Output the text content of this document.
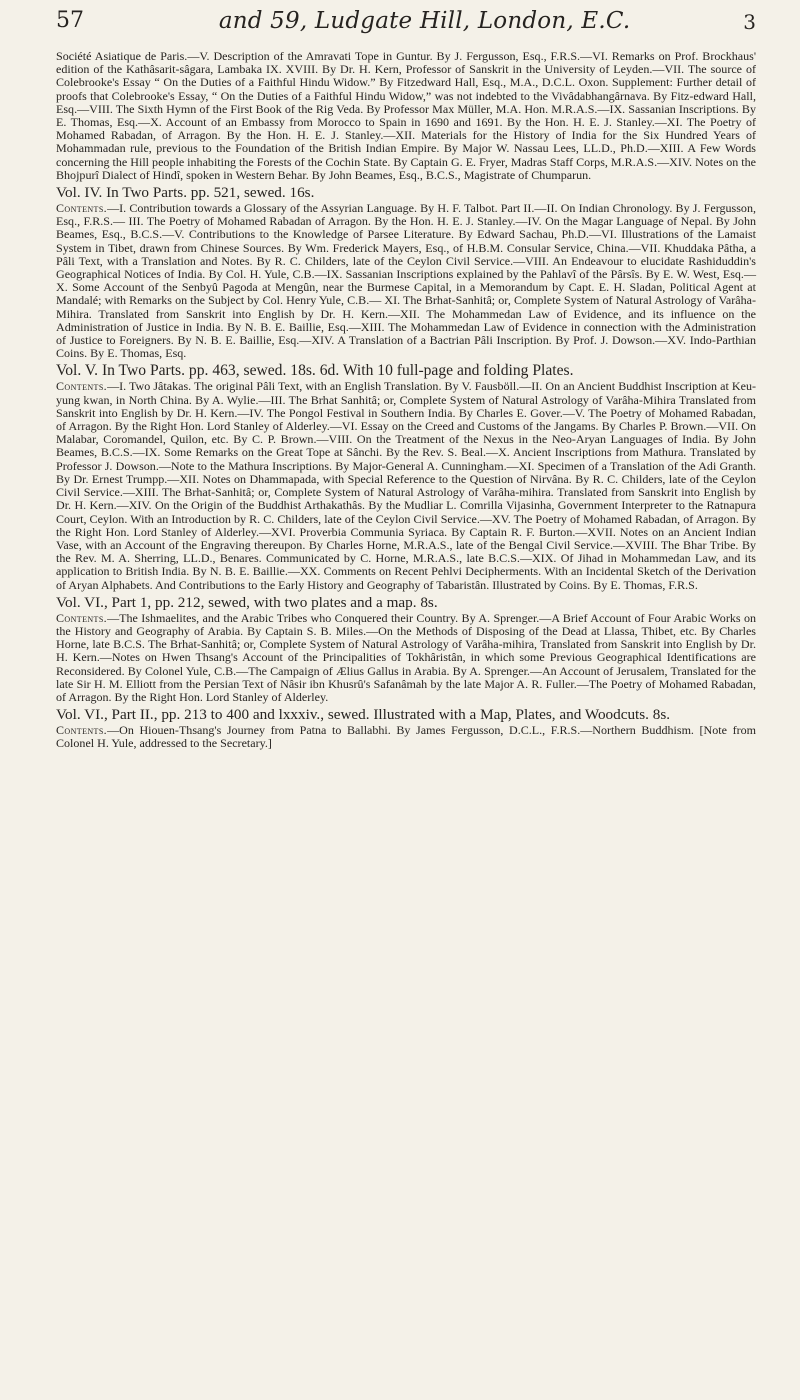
57	and 59, Ludgate Hill, London, E.C.	3

Société Asiatique de Paris.—V. Description of the Amravati Tope in Guntur. By J. Fergusson, Esq., F.R.S.—VI. Remarks on Prof. Brockhaus' edition of the Kathâsarit-sâgara, Lambaka IX. XVIII. By Dr. H. Kern, Professor of Sanskrit in the University of Leyden.—VII. The source of Colebrooke's Essay “ On the Duties of a Faithful Hindu Widow.” By Fitzedward Hall, Esq., M.A., D.C.L. Oxon. Supplement: Further detail of proofs that Colebrooke's Essay, “ On the Duties of a Faithful Hindu Widow,” was not indebted to the Vivâdabhangârnava. By Fitz-edward Hall, Esq.—VIII. The Sixth Hymn of the First Book of the Rig Veda. By Professor Max Müller, M.A. Hon. M.R.A.S.—IX. Sassanian Inscriptions. By E. Thomas, Esq.—X. Account of an Embassy from Morocco to Spain in 1690 and 1691. By the Hon. H. E. J. Stanley.—XI. The Poetry of Mohamed Rabadan, of Arragon. By the Hon. H. E. J. Stanley.—XII. Materials for the History of India for the Six Hundred Years of Mohammadan rule, previous to the Foundation of the British Indian Empire. By Major W. Nassau Lees, LL.D., Ph.D.—XIII. A Few Words concerning the Hill people inhabiting the Forests of the Cochin State. By Captain G. E. Fryer, Madras Staff Corps, M.R.A.S.—XIV. Notes on the Bhojpurî Dialect of Hindî, spoken in Western Behar. By John Beames, Esq., B.C.S., Magistrate of Chumparun.

Vol. IV. In Two Parts. pp. 521, sewed. 16s.

Contents.—I. Contribution towards a Glossary of the Assyrian Language. By H. F. Talbot. Part II.—II. On Indian Chronology. By J. Fergusson, Esq., F.R.S.— III. The Poetry of Mohamed Rabadan of Arragon. By the Hon. H. E. J. Stanley.—IV. On the Magar Language of Nepal. By John Beames, Esq., B.C.S.—V. Contributions to the Knowledge of Parsee Literature. By Edward Sachau, Ph.D.—VI. Illustrations of the Lamaist System in Tibet, drawn from Chinese Sources. By Wm. Frederick Mayers, Esq., of H.B.M. Consular Service, China.—VII. Khuddaka Pâtha, a Pâli Text, with a Translation and Notes. By R. C. Childers, late of the Ceylon Civil Service.—VIII. An Endeavour to elucidate Rashiduddin's Geographical Notices of India. By Col. H. Yule, C.B.—IX. Sassanian Inscriptions explained by the Pahlavî of the Pârsîs. By E. W. West, Esq.—X. Some Account of the Senbyû Pagoda at Mengûn, near the Burmese Capital, in a Memorandum by Capt. E. H. Sladan, Political Agent at Mandalé; with Remarks on the Subject by Col. Henry Yule, C.B.— XI. The Brhat-Sanhitâ; or, Complete System of Natural Astrology of Varâha-Mihira. Translated from Sanskrit into English by Dr. H. Kern.—XII. The Mohammedan Law of Evidence, and its influence on the Administration of Justice in India. By N. B. E. Baillie, Esq.—XIII. The Mohammedan Law of Evidence in connection with the Administration of Justice to Foreigners. By N. B. E. Baillie, Esq.—XIV. A Translation of a Bactrian Pâli Inscription. By Prof. J. Dowson.—XV. Indo-Parthian Coins. By E. Thomas, Esq.

Vol. V. In Two Parts. pp. 463, sewed. 18s. 6d. With 10 full-page and folding Plates.

Contents.—I. Two Jâtakas. The original Pâli Text, with an English Translation. By V. Fausböll.—II. On an Ancient Buddhist Inscription at Keu-yung kwan, in North China. By A. Wylie.—III. The Brhat Sanhitâ; or, Complete System of Natural Astrology of Varâha-Mihira Translated from Sanskrit into English by Dr. H. Kern.—IV. The Pongol Festival in Southern India. By Charles E. Gover.—V. The Poetry of Mohamed Rabadan, of Arragon. By the Right Hon. Lord Stanley of Alderley.—VI. Essay on the Creed and Customs of the Jangams. By Charles P. Brown.—VII. On Malabar, Coromandel, Quilon, etc. By C. P. Brown.—VIII. On the Treatment of the Nexus in the Neo-Aryan Languages of India. By John Beames, B.C.S.—IX. Some Remarks on the Great Tope at Sânchi. By the Rev. S. Beal.—X. Ancient Inscriptions from Mathura. Translated by Professor J. Dowson.—Note to the Mathura Inscriptions. By Major-General A. Cunningham.—XI. Specimen of a Translation of the Adi Granth. By Dr. Ernest Trumpp.—XII. Notes on Dhammapada, with Special Reference to the Question of Nirvâna. By R. C. Childers, late of the Ceylon Civil Service.—XIII. The Brhat-Sanhitâ; or, Complete System of Natural Astrology of Varâha-mihira. Translated from Sanskrit into English by Dr. H. Kern.—XIV. On the Origin of the Buddhist Arthakathâs. By the Mudliar L. Comrilla Vijasinha, Government Interpreter to the Ratnapura Court, Ceylon. With an Introduction by R. C. Childers, late of the Ceylon Civil Service.—XV. The Poetry of Mohamed Rabadan, of Arragon. By the Right Hon. Lord Stanley of Alderley.—XVI. Proverbia Communia Syriaca. By Captain R. F. Burton.—XVII. Notes on an Ancient Indian Vase, with an Account of the Engraving thereupon. By Charles Horne, M.R.A.S., late of the Bengal Civil Service.—XVIII. The Bhar Tribe. By the Rev. M. A. Sherring, LL.D., Benares. Communicated by C. Horne, M.R.A.S., late B.C.S.—XIX. Of Jihad in Mohammedan Law, and its application to British India. By N. B. E. Baillie.—XX. Comments on Recent Pehlvi Decipherments. With an Incidental Sketch of the Derivation of Aryan Alphabets. And Contributions to the Early History and Geography of Tabaristân. Illustrated by Coins. By E. Thomas, F.R.S.

Vol. VI., Part 1, pp. 212, sewed, with two plates and a map. 8s.

Contents.—The Ishmaelites, and the Arabic Tribes who Conquered their Country. By A. Sprenger.—A Brief Account of Four Arabic Works on the History and Geography of Arabia. By Captain S. B. Miles.—On the Methods of Disposing of the Dead at Llassa, Thibet, etc. By Charles Horne, late B.C.S. The Brhat-Sanhitâ; or, Complete System of Natural Astrology of Varâha-mihira, Translated from Sanskrit into English by Dr. H. Kern.—Notes on Hwen Thsang's Account of the Principalities of Tokhâristân, in which some Previous Geographical Identifications are Reconsidered. By Colonel Yule, C.B.—The Campaign of Ælius Gallus in Arabia. By A. Sprenger.—An Account of Jerusalem, Translated for the late Sir H. M. Elliott from the Persian Text of Nâsir ibn Khusrû's Safanâmah by the late Major A. R. Fuller.—The Poetry of Mohamed Rabadan, of Arragon. By the Right Hon. Lord Stanley of Alderley.

Vol. VI., Part II., pp. 213 to 400 and lxxxiv., sewed. Illustrated with a Map, Plates, and Woodcuts. 8s.

Contents.—On Hiouen-Thsang's Journey from Patna to Ballabhi. By James Fergusson, D.C.L., F.R.S.—Northern Buddhism. [Note from Colonel H. Yule, addressed to the Secretary.]
